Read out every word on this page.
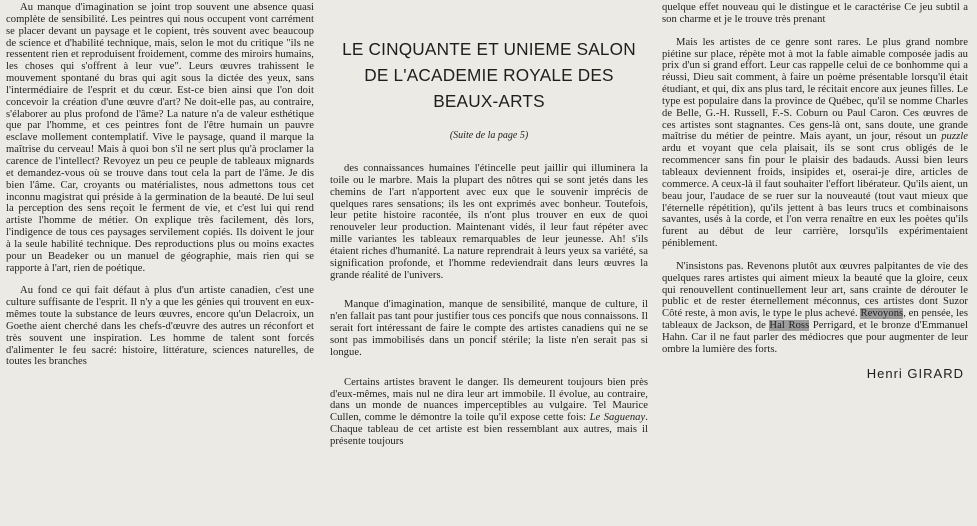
Au manque d'imagination se joint trop souvent une absence quasi complète de sensibilité. Les peintres qui nous occupent vont carrément se placer devant un paysage et le copient, très souvent avec beaucoup de science et d'habilité technique, mais, selon le mot du critique "ils ne ressentent rien et reproduisent froidement, comme des miroirs humains, les choses qui s'offrent à leur vue". Leurs œuvres trahissent le mouvement spontané du bras qui agit sous la dictée des yeux, sans l'intermédiaire de l'esprit et du cœur. Est-ce bien ainsi que l'on doit concevoir la création d'une œuvre d'art? Ne doit-elle pas, au contraire, s'élaborer au plus profond de l'âme? La nature n'a de valeur esthétique que par l'homme, et ces peintres font de l'être humain un pauvre esclave mollement contemplatif. Vive le paysage, quand il marque la maîtrise du cerveau! Mais à quoi bon s'il ne sert plus qu'à proclamer la carence de l'intellect? Revoyez un peu ce peuple de tableaux mignards et demandez-vous où se trouve dans tout cela la part de l'âme. Je dis bien l'âme. Car, croyants ou matérialistes, nous admettons tous cet inconnu magistrat qui préside à la germination de la beauté. De lui seul la perception des sens reçoit le ferment de vie, et c'est lui qui rend artiste l'homme de métier. On explique très facilement, dès lors, l'indigence de tous ces paysages servilement copiés. Ils doivent le jour à la seule habilité technique. Des reproductions plus ou moins exactes pour un Beadeker ou un manuel de géographie, mais rien qui se rapporte à l'art, rien de poétique.

Au fond ce qui fait défaut à plus d'un artiste canadien, c'est une culture suffisante de l'esprit. Il n'y a que les génies qui trouvent en eux-mêmes toute la substance de leurs œuvres, encore qu'un Delacroix, un Goethe aient cherché dans les chefs-d'œuvre des autres un réconfort et très souvent une inspiration. Les homme de talent sont forcés d'alimenter le feu sacré: histoire, littérature, sciences naturelles, de toutes les branches

LE CINQUANTE ET UNIEME SALON DE L'ACADEMIE ROYALE DES BEAUX-ARTS
(Suite de la page 5)

des connaissances humaines l'étincelle peut jaillir qui illuminera la toile ou le marbre. Mais la plupart des nôtres qui se sont jetés dans les chemins de l'art n'apportent avec eux que le souvenir imprécis de quelques rares sensations; ils les ont exprimés avec bonheur. Toutefois, leur petite histoire racontée, ils n'ont plus trouver en eux de quoi renouveler leur production. Maintenant vidés, il leur faut répéter avec mille variantes les tableaux remarquables de leur jeunesse. Ah! s'ils étaient riches d'humanité. La nature reprendrait à leurs yeux sa variété, sa signification profonde, et l'homme redeviendrait dans leurs œuvres la grande réalité de l'univers.

Manque d'imagination, manque de sensibilité, manque de culture, il n'en fallait pas tant pour justifier tous ces poncifs que nous connaissons. Il serait fort intéressant de faire le compte des artistes canadiens qui ne se sont pas immobilisés dans un poncif stérile; la liste n'en serait pas si longue.

Certains artistes bravent le danger. Ils demeurent toujours bien près d'eux-mêmes, mais nul ne dira leur art immobile. Il évolue, au contraire, dans un monde de nuances imperceptibles au vulgaire. Tel Maurice Cullen, comme le démontre la toile qu'il expose cette fois: Le Saguenay. Chaque tableau de cet artiste est bien ressemblant aux autres, mais il présente toujours

quelque effet nouveau qui le distingue et le caractérise Ce jeu subtil a son charme et je le trouve très prenant

Mais les artistes de ce genre sont rares. Le plus grand nombre piétine sur place, répète mot à mot la fable aimable composée jadis au prix d'un si grand effort. Leur cas rappelle celui de ce bonhomme qui a réussi, Dieu sait comment, à faire un poème présentable lorsqu'il était étudiant, et qui, dix ans plus tard, le récitait encore aux jeunes filles. Le type est populaire dans la province de Québec, qu'il se nomme Charles de Belle, G.-H. Russell, F.-S. Coburn ou Paul Caron. Ces œuvres de ces artistes sont stagnantes. Ces gens-là ont, sans doute, une grande maîtrise du métier de peintre. Mais ayant, un jour, résout un puzzle ardu et voyant que cela plaisait, ils se sont crus obligés de le recommencer sans fin pour le plaisir des badauds. Aussi bien leurs tableaux deviennent froids, insipides et, oserai-je dire, articles de commerce. A ceux-là il faut souhaiter l'effort libérateur. Qu'ils aient, un beau jour, l'audace de se ruer sur la nouveauté (tout vaut mieux que l'éternelle répétition), qu'ils jettent à bas leurs trucs et combinaisons savantes, usés à la corde, et l'on verra renaître en eux les poètes qu'ils furent au début de leur carrière, lorsqu'ils expérimentaient péniblement.

N'insistons pas. Revenons plutôt aux œuvres palpitantes de vie des quelques rares artistes qui aiment mieux la beauté que la gloire, ceux qui renouvellent continuellement leur art, sans crainte de dérouter le public et de rester éternellement méconnus, ces artistes dont Suzor Côté reste, à mon avis, le type le plus achevé. Revoyons, en pensée, les tableaux de Jackson, de Hal Ross Perrigard, et le bronze d'Emmanuel Hahn. Car il ne faut parler des médiocres que pour augmenter de leur ombre la lumière des forts.

Henri GIRARD
